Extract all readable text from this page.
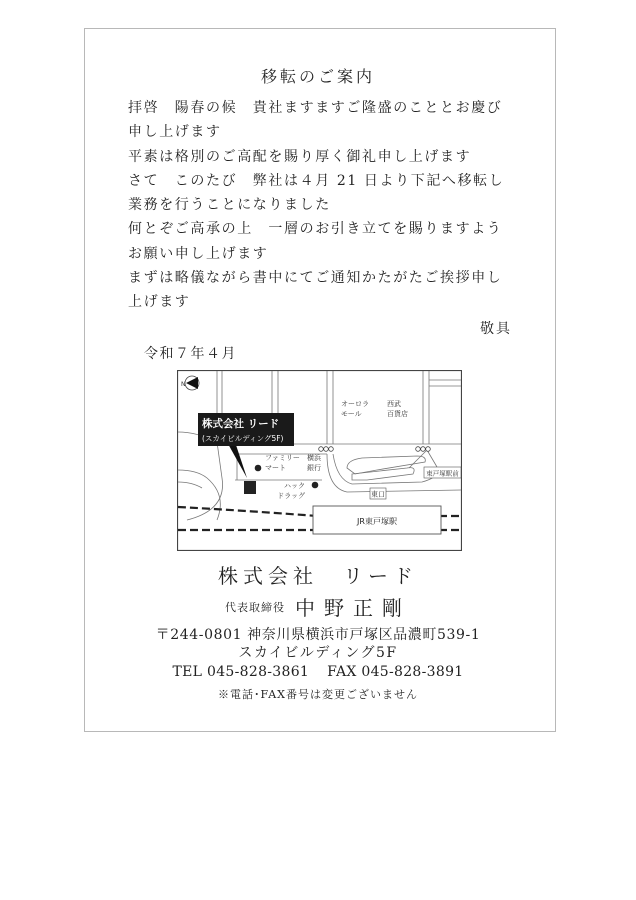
移転のご案内
拝啓　陽春の候　貴社ますますご隆盛のこととお慶び
申し上げます
平素は格別のご高配を賜り厚く御礼申し上げます
さて　このたび　弊社は４月 21 日より下記へ移転し
業務を行うことになりました
何とぞご高承の上　一層のお引き立てを賜りますよう
お願い申し上げます
まずは略儀ながら書中にてご通知かたがたご挨拶申し
上げます
敬具
令和７年４月
JR東戸塚駅
N
株式会社 リード
(スカイビルディング5F)
ファミリー
マート
横浜
銀行
オーロラ
モール
西武
百貨店
ハック
ドラッグ	東口
東戸塚駅前
株式会社　リード
代表取締役 中野正剛
〒244-0801 神奈川県横浜市戸塚区品濃町539-1
スカイビルディング5F
TEL 045-828-3861 FAX 045-828-3891
※電話･FAX番号は変更ございません
